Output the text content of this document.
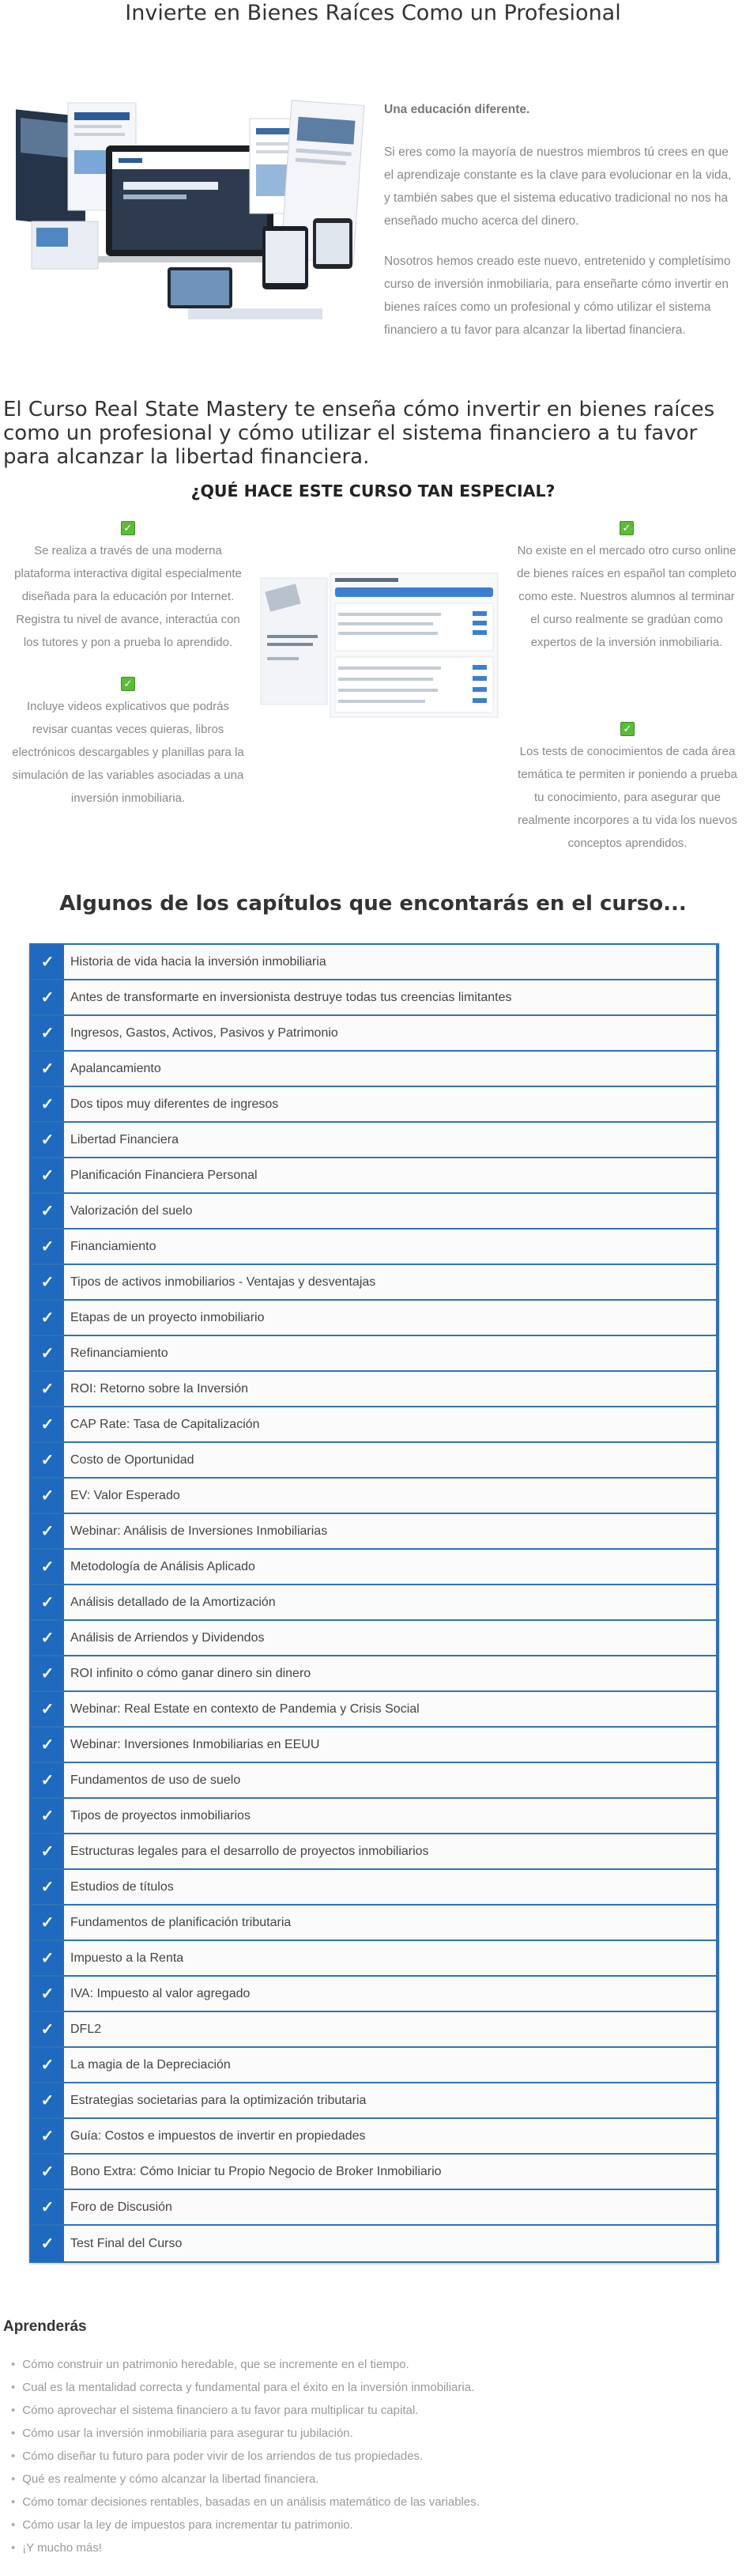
Invierte en Bienes Raíces Como un Profesional

Una educación diferente.

Si eres como la mayoría de nuestros miembros tú crees en que el aprendizaje constante es la clave para evolucionar en la vida, y también sabes que el sistema educativo tradicional no nos ha enseñado mucho acerca del dinero.

Nosotros hemos creado este nuevo, entretenido y completísimo curso de inversión inmobiliaria, para enseñarte cómo invertir en bienes raíces como un profesional y cómo utilizar el sistema financiero a tu favor para alcanzar la libertad financiera.

El Curso Real State Mastery te enseña cómo invertir en bienes raíces como un profesional y cómo utilizar el sistema financiero a tu favor para alcanzar la libertad financiera.
¿QUÉ HACE ESTE CURSO TAN ESPECIAL?
✓

Se realiza a través de una moderna plataforma interactiva digital especialmente diseñada para la educación por Internet. Registra tu nivel de avance, interactúa con los tutores y pon a prueba lo aprendido.

✓

Incluye videos explicativos que podrás revisar cuantas veces quieras, libros electrónicos descargables y planillas para la simulación de las variables asociadas a una inversión inmobiliaria.

✓

No existe en el mercado otro curso online de bienes raíces en español tan completo como este. Nuestros alumnos al terminar el curso realmente se gradúan como expertos de la inversión inmobiliaria.

✓

Los tests de conocimientos de cada área temática te permiten ir poniendo a prueba tu conocimiento, para asegurar que realmente incorpores a tu vida los nuevos conceptos aprendidos.

Algunos de los capítulos que encontarás en el curso...
✓	Historia de vida hacia la inversión inmobiliaria
✓	Antes de transformarte en inversionista destruye todas tus creencias limitantes
✓	Ingresos, Gastos, Activos, Pasivos y Patrimonio
✓	Apalancamiento
✓	Dos tipos muy diferentes de ingresos
✓	Libertad Financiera
✓	Planificación Financiera Personal
✓	Valorización del suelo
✓	Financiamiento
✓	Tipos de activos inmobiliarios - Ventajas y desventajas
✓	Etapas de un proyecto inmobiliario
✓	Refinanciamiento
✓	ROI: Retorno sobre la Inversión
✓	CAP Rate: Tasa de Capitalización
✓	Costo de Oportunidad
✓	EV: Valor Esperado
✓	Webinar: Análisis de Inversiones Inmobiliarias
✓	Metodología de Análisis Aplicado
✓	Análisis detallado de la Amortización
✓	Análisis de Arriendos y Dividendos
✓	ROI infinito o cómo ganar dinero sin dinero
✓	Webinar: Real Estate en contexto de Pandemia y Crisis Social
✓	Webinar: Inversiones Inmobiliarias en EEUU
✓	Fundamentos de uso de suelo
✓	Tipos de proyectos inmobiliarios
✓	Estructuras legales para el desarrollo de proyectos inmobiliarios
✓	Estudios de títulos
✓	Fundamentos de planificación tributaria
✓	Impuesto a la Renta
✓	IVA: Impuesto al valor agregado
✓	DFL2
✓	La magia de la Depreciación
✓	Estrategias societarias para la optimización tributaria
✓	Guía: Costos e impuestos de invertir en propiedades
✓	Bono Extra: Cómo Iniciar tu Propio Negocio de Broker Inmobiliario
✓	Foro de Discusión
✓	Test Final del Curso
Aprenderás
• Cómo construir un patrimonio heredable, que se incremente en el tiempo.
• Cual es la mentalidad correcta y fundamental para el éxito en la inversión inmobiliaria.
• Cómo aprovechar el sistema financiero a tu favor para multiplicar tu capital.
• Cómo usar la inversión inmobiliaria para asegurar tu jubilación.
• Cómo diseñar tu futuro para poder vivir de los arriendos de tus propiedades.
• Qué es realmente y cómo alcanzar la libertad financiera.
• Cómo tomar decisiones rentables, basadas en un análisis matemático de las variables.
• Cómo usar la ley de impuestos para incrementar tu patrimonio.
• ¡Y mucho más!
